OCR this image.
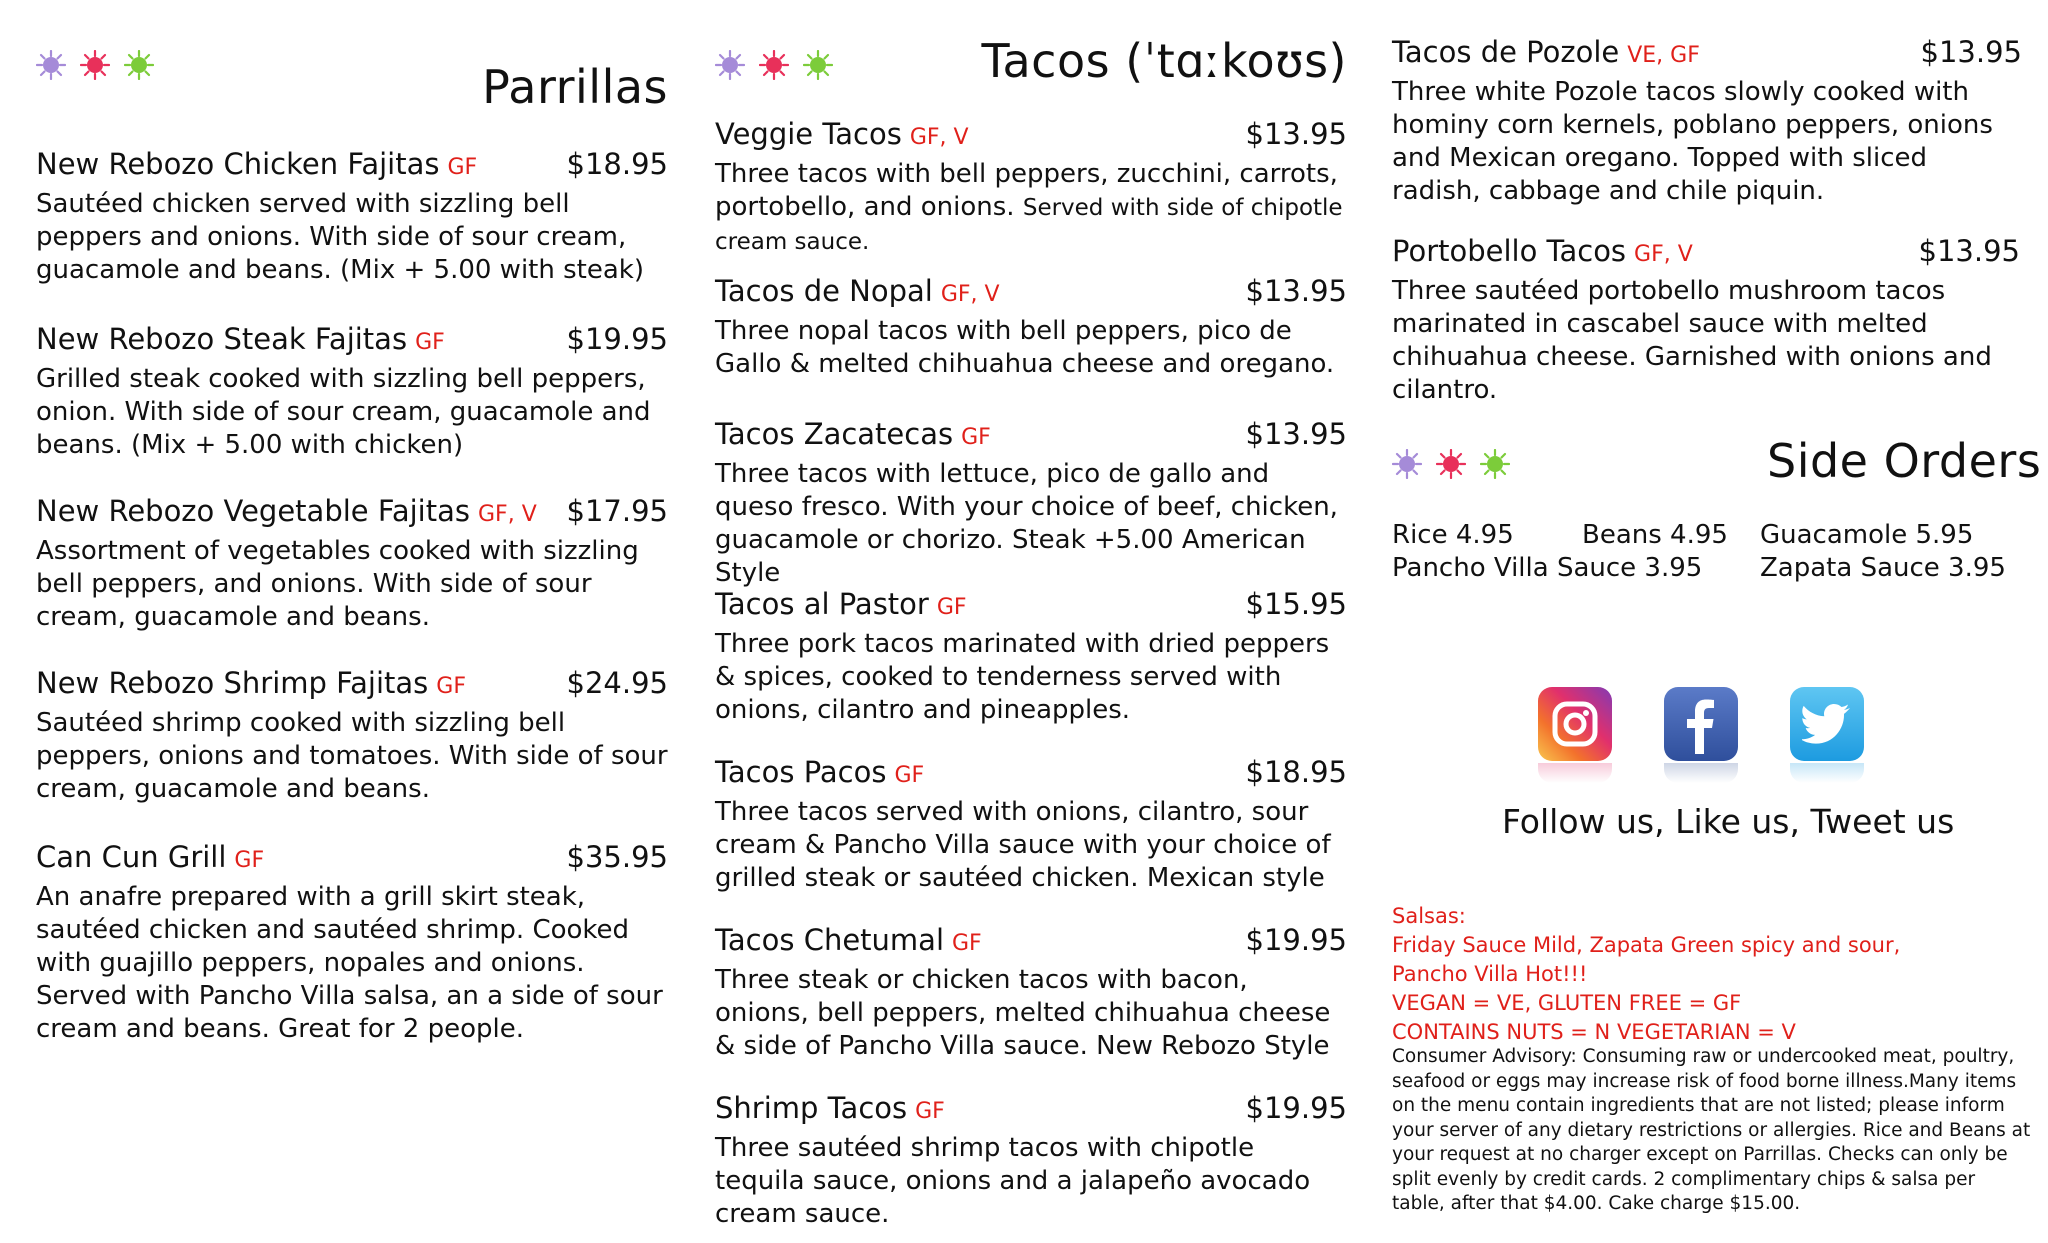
Parrillas
New Rebozo Chicken Fajitas GF	$18.95
Sautéed chicken served with sizzling bell peppers and onions. With side of sour cream, guacamole and beans. (Mix + 5.00 with steak)
New Rebozo Steak Fajitas GF	$19.95
Grilled steak cooked with sizzling bell peppers, onion. With side of sour cream, guacamole and beans. (Mix + 5.00 with chicken)
New Rebozo Vegetable Fajitas GF, V $17.95
Assortment of vegetables cooked with sizzling bell peppers, and onions. With side of sour cream, guacamole and beans.
New Rebozo Shrimp Fajitas GF	$24.95
Sautéed shrimp cooked with sizzling bell peppers, onions and tomatoes. With side of sour cream, guacamole and beans.
Can Cun Grill GF	$35.95
An anafre prepared with a grill skirt steak, sautéed chicken and sautéed shrimp. Cooked with guajillo peppers, nopales and onions. Served with Pancho Villa salsa, an a side of sour cream and beans. Great for 2 people.
Tacos (ˈtɑːkoʊs)
Veggie Tacos GF, V	$13.95
Three tacos with bell peppers, zucchini, carrots, portobello, and onions. Served with side of chipotle cream sauce.
Tacos de Nopal GF, V	$13.95
Three nopal tacos with bell peppers, pico de Gallo & melted chihuahua cheese and oregano.
Tacos Zacatecas GF	$13.95
Three tacos with lettuce, pico de gallo and queso fresco. With your choice of beef, chicken, guacamole or chorizo. Steak +5.00 American Style
Tacos al Pastor GF	$15.95
Three pork tacos marinated with dried peppers & spices, cooked to tenderness served with onions, cilantro and pineapples.
Tacos Pacos GF	$18.95
Three tacos served with onions, cilantro, sour cream & Pancho Villa sauce with your choice of grilled steak or sautéed chicken. Mexican style
Tacos Chetumal GF	$19.95
Three steak or chicken tacos with bacon, onions, bell peppers, melted chihuahua cheese & side of Pancho Villa sauce. New Rebozo Style
Shrimp Tacos GF	$19.95
Three sautéed shrimp tacos with chipotle tequila sauce, onions and a jalapeño avocado cream sauce.
Tacos de Pozole VE, GF	$13.95
Three white Pozole tacos slowly cooked with hominy corn kernels, poblano peppers, onions and Mexican oregano. Topped with sliced radish, cabbage and chile piquin.
Portobello Tacos GF, V	$13.95
Three sautéed portobello mushroom tacos marinated in cascabel sauce with melted chihuahua cheese. Garnished with onions and cilantro.
Side Orders
Rice 4.95	Beans 4.95	Guacamole 5.95
Pancho Villa Sauce 3.95	Zapata Sauce 3.95
Follow us, Like us, Tweet us
Salsas:
Friday Sauce Mild, Zapata Green spicy and sour,
Pancho Villa Hot!!!
VEGAN = VE, GLUTEN FREE = GF
CONTAINS NUTS = N VEGETARIAN = V
Consumer Advisory: Consuming raw or undercooked meat, poultry, seafood or eggs may increase risk of food borne illness.Many items on the menu contain ingredients that are not listed; please inform your server of any dietary restrictions or allergies. Rice and Beans at your request at no charger except on Parrillas. Checks can only be split evenly by credit cards. 2 complimentary chips & salsa per table, after that $4.00. Cake charge $15.00.
